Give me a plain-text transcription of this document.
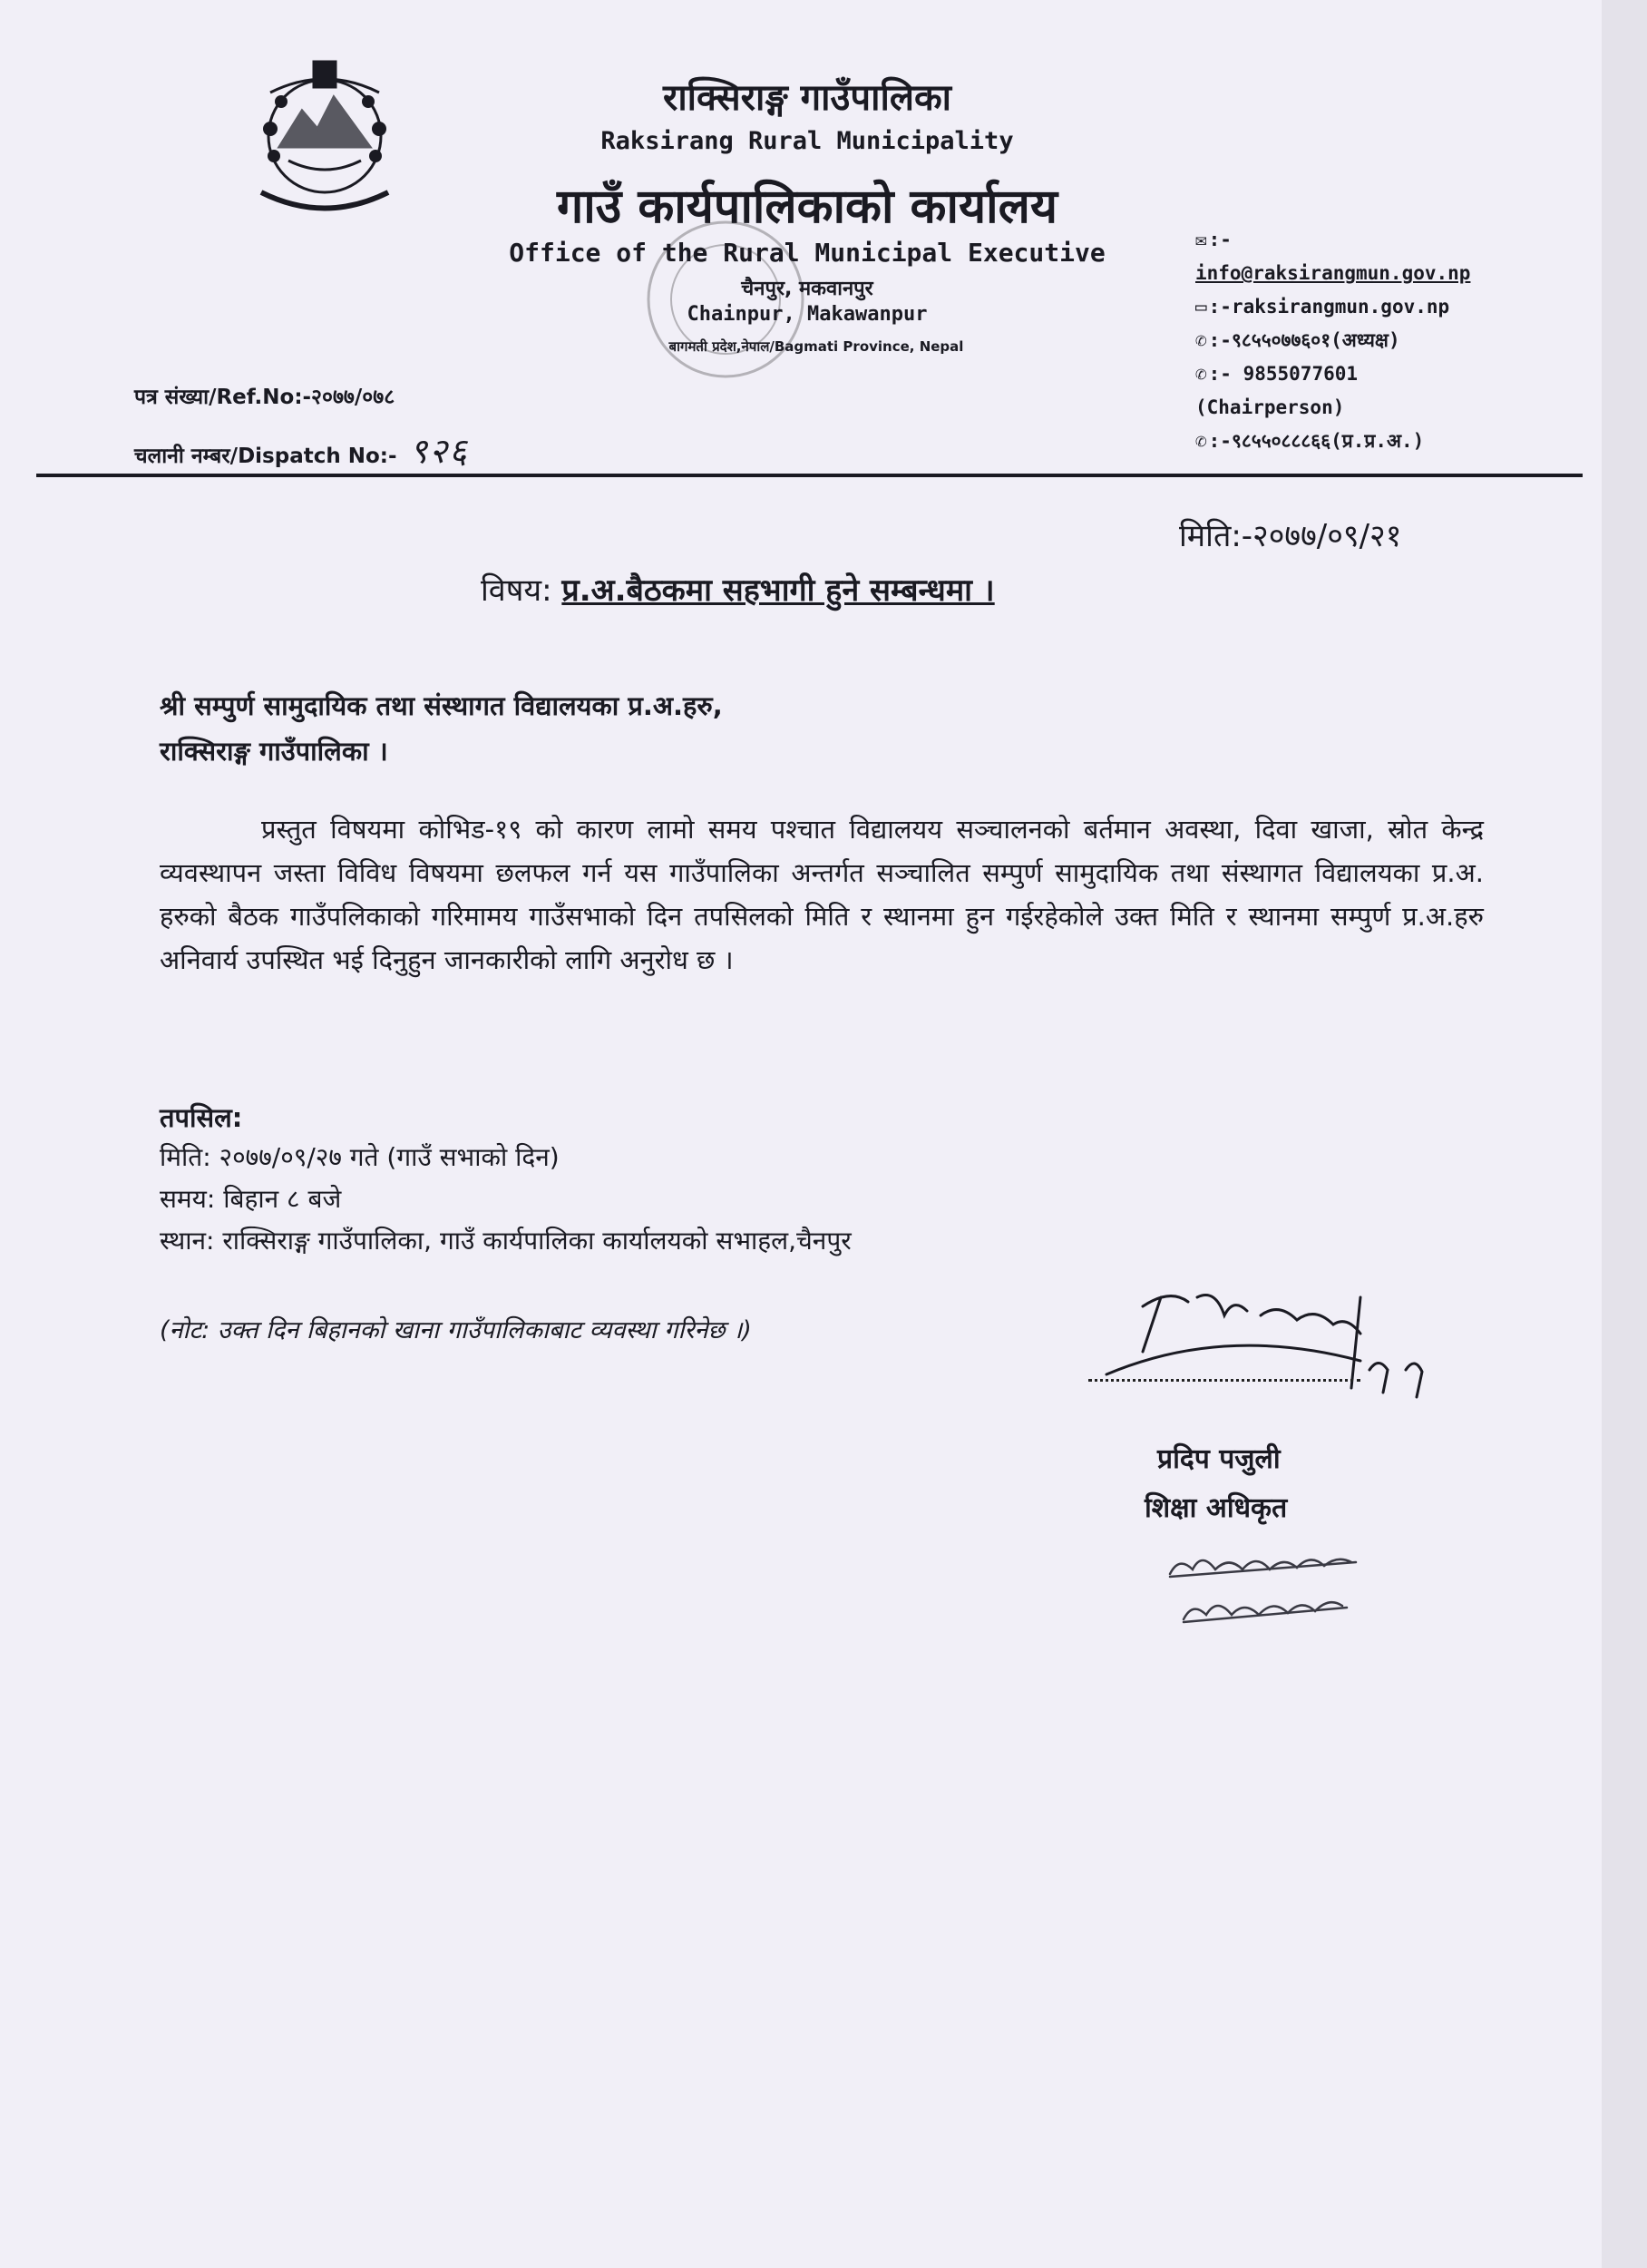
राक्सिराङ्ग गाउँपालिका
Raksirang Rural Municipality
गाउँ कार्यपालिकाको कार्यालय
Office of the Rural Municipal Executive
चैनपुर, मकवानपुर
Chainpur, Makawanpur
बागमती प्रदेश,नेपाल/Bagmati Province, Nepal
✉:-
info@raksirangmun.gov.np
▭:-raksirangmun.gov.np
✆:-९८५५०७७६०१(अध्यक्ष)
✆:- 9855077601
(Chairperson)
✆:-९८५५०८८८६६(प्र.प्र.अ.)
पत्र संख्या/Ref.No:-२०७७/०७८
चलानी नम्बर/Dispatch No:- ९२६
मिति:-२०७७/०९/२१
विषय: प्र.अ.बैठकमा सहभागी हुने सम्बन्धमा ।
श्री सम्पुर्ण सामुदायिक तथा संस्थागत विद्यालयका प्र.अ.हरु,
राक्सिराङ्ग गाउँपालिका ।
प्रस्तुत विषयमा कोभिड-१९ को कारण लामो समय पश्चात विद्यालयय सञ्चालनको बर्तमान अवस्था, दिवा खाजा, स्रोत केन्द्र व्यवस्थापन जस्ता विविध विषयमा छलफल गर्न यस गाउँपालिका अन्तर्गत सञ्चालित सम्पुर्ण सामुदायिक तथा संस्थागत विद्यालयका प्र.अ. हरुको बैठक गाउँपलिकाको गरिमामय गाउँसभाको दिन तपसिलको मिति र स्थानमा हुन गईरहेकोले उक्त मिति र स्थानमा सम्पुर्ण प्र.अ.हरु अनिवार्य उपस्थित भई दिनुहुन जानकारीको लागि अनुरोध छ ।
तपसिल:
मिति: २०७७/०९/२७ गते (गाउँ सभाको दिन)
समय: बिहान ८ बजे
स्थान: राक्सिराङ्ग गाउँपालिका, गाउँ कार्यपालिका कार्यालयको सभाहल,चैनपुर
(नोट: उक्त दिन बिहानको खाना गाउँपालिकाबाट व्यवस्था गरिनेछ ।)
प्रदिप पजुली
शिक्षा अधिकृत
